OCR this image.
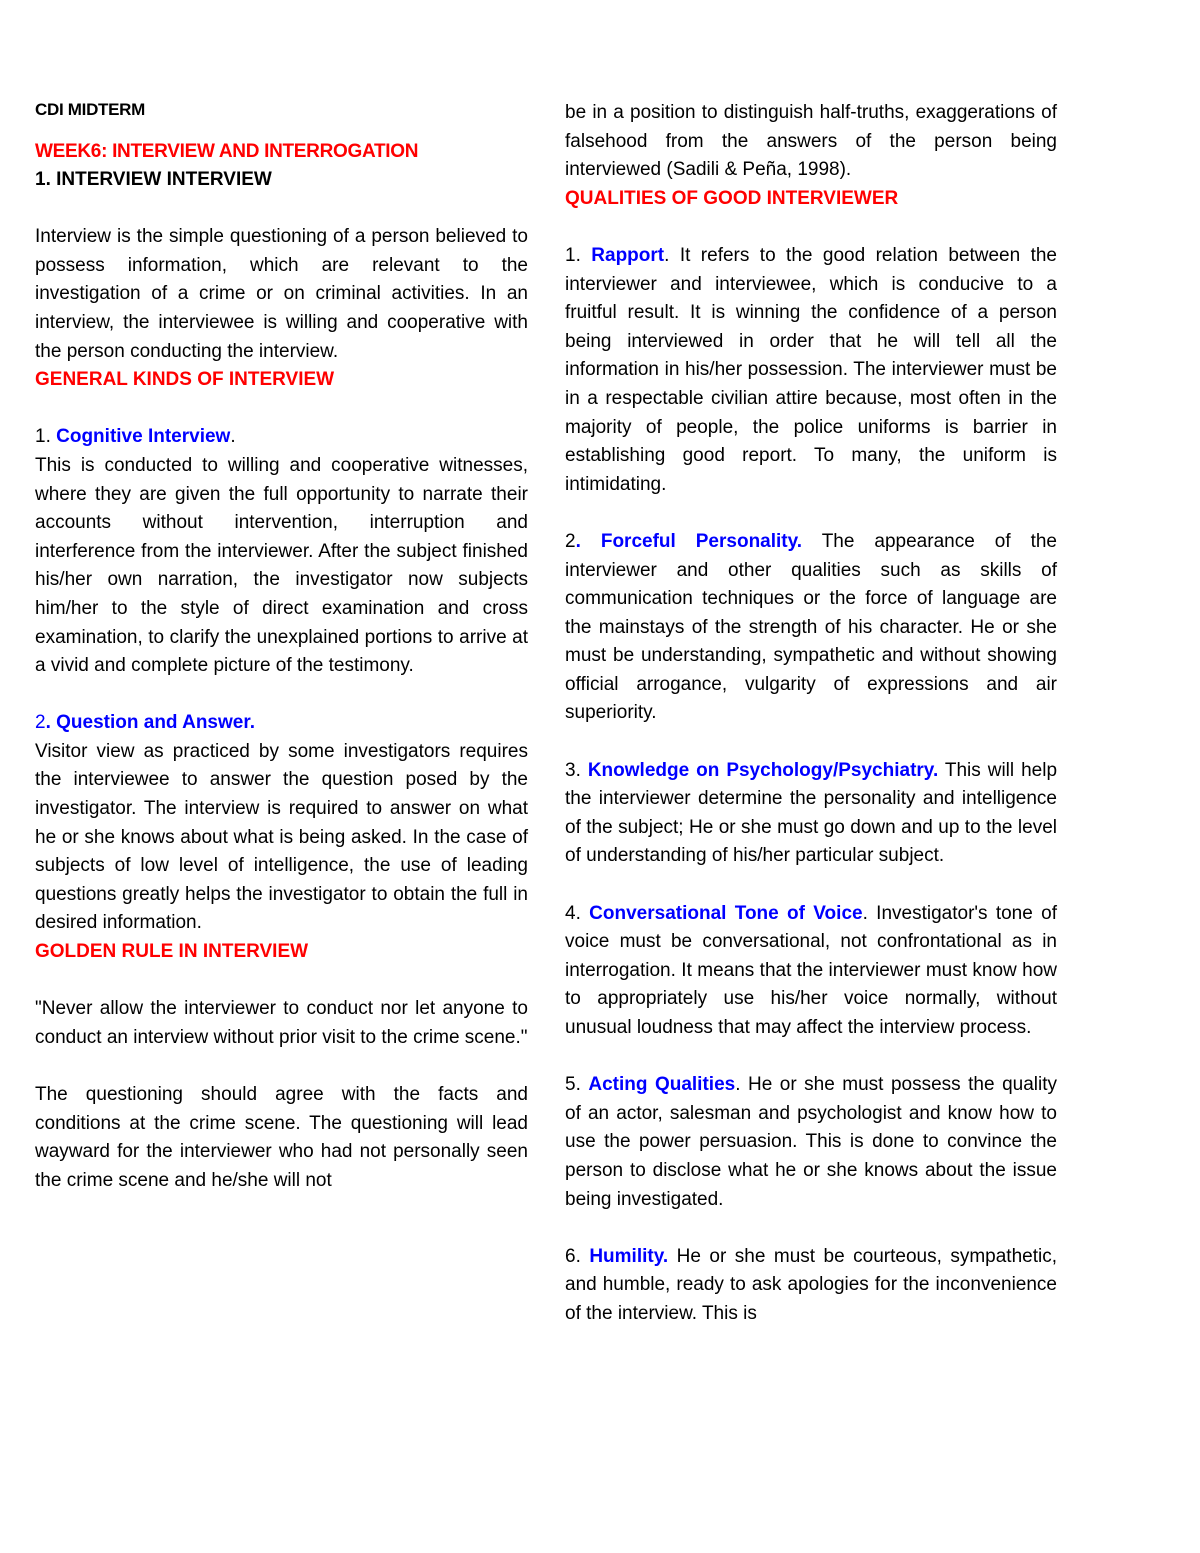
CDI MIDTERM

WEEK6: INTERVIEW AND INTERROGATION

1. INTERVIEW INTERVIEW

Interview is the simple questioning of a person believed to possess information, which are relevant to the investigation of a crime or on criminal activities. In an interview, the interviewee is willing and cooperative with the person conducting the interview.

GENERAL KINDS OF INTERVIEW

1. Cognitive Interview.

This is conducted to willing and cooperative witnesses, where they are given the full opportunity to narrate their accounts without intervention, interruption and interference from the interviewer. After the subject finished his/her own narration, the investigator now subjects him/her to the style of direct examination and cross examination, to clarify the unexplained portions to arrive at a vivid and complete picture of the testimony.

2. Question and Answer.

Visitor view as practiced by some investigators requires the interviewee to answer the question posed by the investigator. The interview is required to answer on what he or she knows about what is being asked. In the case of subjects of low level of intelligence, the use of leading questions greatly helps the investigator to obtain the full in desired information.

GOLDEN RULE IN INTERVIEW

"Never allow the interviewer to conduct nor let anyone to conduct an interview without prior visit to the crime scene."

The questioning should agree with the facts and conditions at the crime scene. The questioning will lead wayward for the interviewer who had not personally seen the crime scene and he/she will not

be in a position to distinguish half-truths, exaggerations of falsehood from the answers of the person being interviewed (Sadili & Peña, 1998).

QUALITIES OF GOOD INTERVIEWER

1. Rapport. It refers to the good relation between the interviewer and interviewee, which is conducive to a fruitful result. It is winning the confidence of a person being interviewed in order that he will tell all the information in his/her possession. The interviewer must be in a respectable civilian attire because, most often in the majority of people, the police uniforms is barrier in establishing good report. To many, the uniform is intimidating.

2. Forceful Personality. The appearance of the interviewer and other qualities such as skills of communication techniques or the force of language are the mainstays of the strength of his character. He or she must be understanding, sympathetic and without showing official arrogance, vulgarity of expressions and air superiority.

3. Knowledge on Psychology/Psychiatry. This will help the interviewer determine the personality and intelligence of the subject; He or she must go down and up to the level of understanding of his/her particular subject.

4. Conversational Tone of Voice. Investigator's tone of voice must be conversational, not confrontational as in interrogation. It means that the interviewer must know how to appropriately use his/her voice normally, without unusual loudness that may affect the interview process.

5. Acting Qualities. He or she must possess the quality of an actor, salesman and psychologist and know how to use the power persuasion. This is done to convince the person to disclose what he or she knows about the issue being investigated.

6. Humility. He or she must be courteous, sympathetic, and humble, ready to ask apologies for the inconvenience of the interview. This is
